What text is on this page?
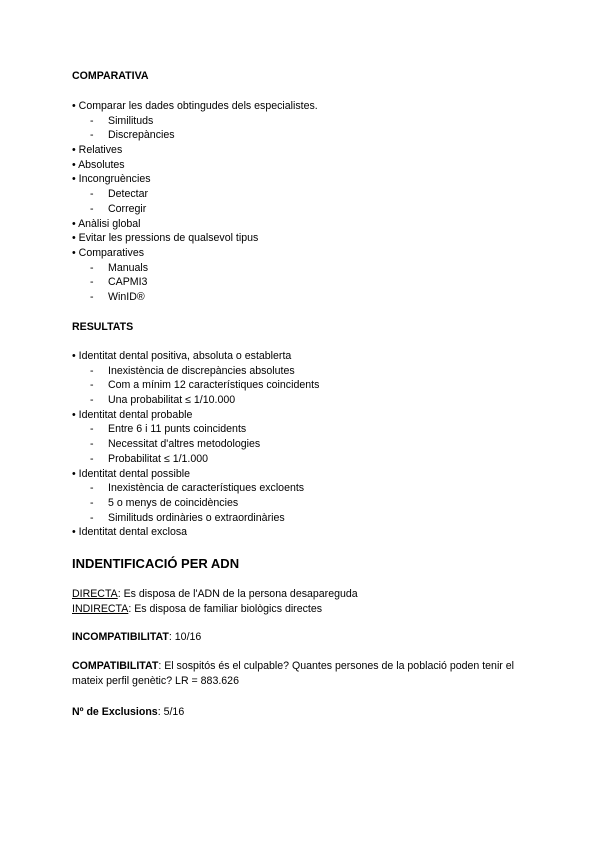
COMPARATIVA
• Comparar les dades obtingudes dels especialistes.
- Similituds
- Discrepàncies
• Relatives
• Absolutes
• Incongruències
- Detectar
- Corregir
• Anàlisi global
• Evitar les pressions de qualsevol tipus
• Comparatives
- Manuals
- CAPMI3
- WinID®
RESULTATS
• Identitat dental positiva, absoluta o establerta
- Inexistència de discrepàncies absolutes
- Com a mínim 12 característiques coincidents
- Una probabilitat ≤ 1/10.000
• Identitat dental probable
- Entre 6 i 11 punts coincidents
- Necessitat d'altres metodologies
- Probabilitat ≤ 1/1.000
• Identitat dental possible
- Inexistència de característiques excloents
- 5 o menys de coincidències
- Similituds ordinàries o extraordinàries
• Identitat dental exclosa
INDENTIFICACIÓ PER ADN
DIRECTA: Es disposa de l'ADN de la persona desapareguda
INDIRECTA: Es disposa de familiar biològics directes
INCOMPATIBILITAT: 10/16
COMPATIBILITAT: El sospitós és el culpable? Quantes persones de la població poden tenir el mateix perfil genètic? LR = 883.626
Nº de Exclusions: 5/16
